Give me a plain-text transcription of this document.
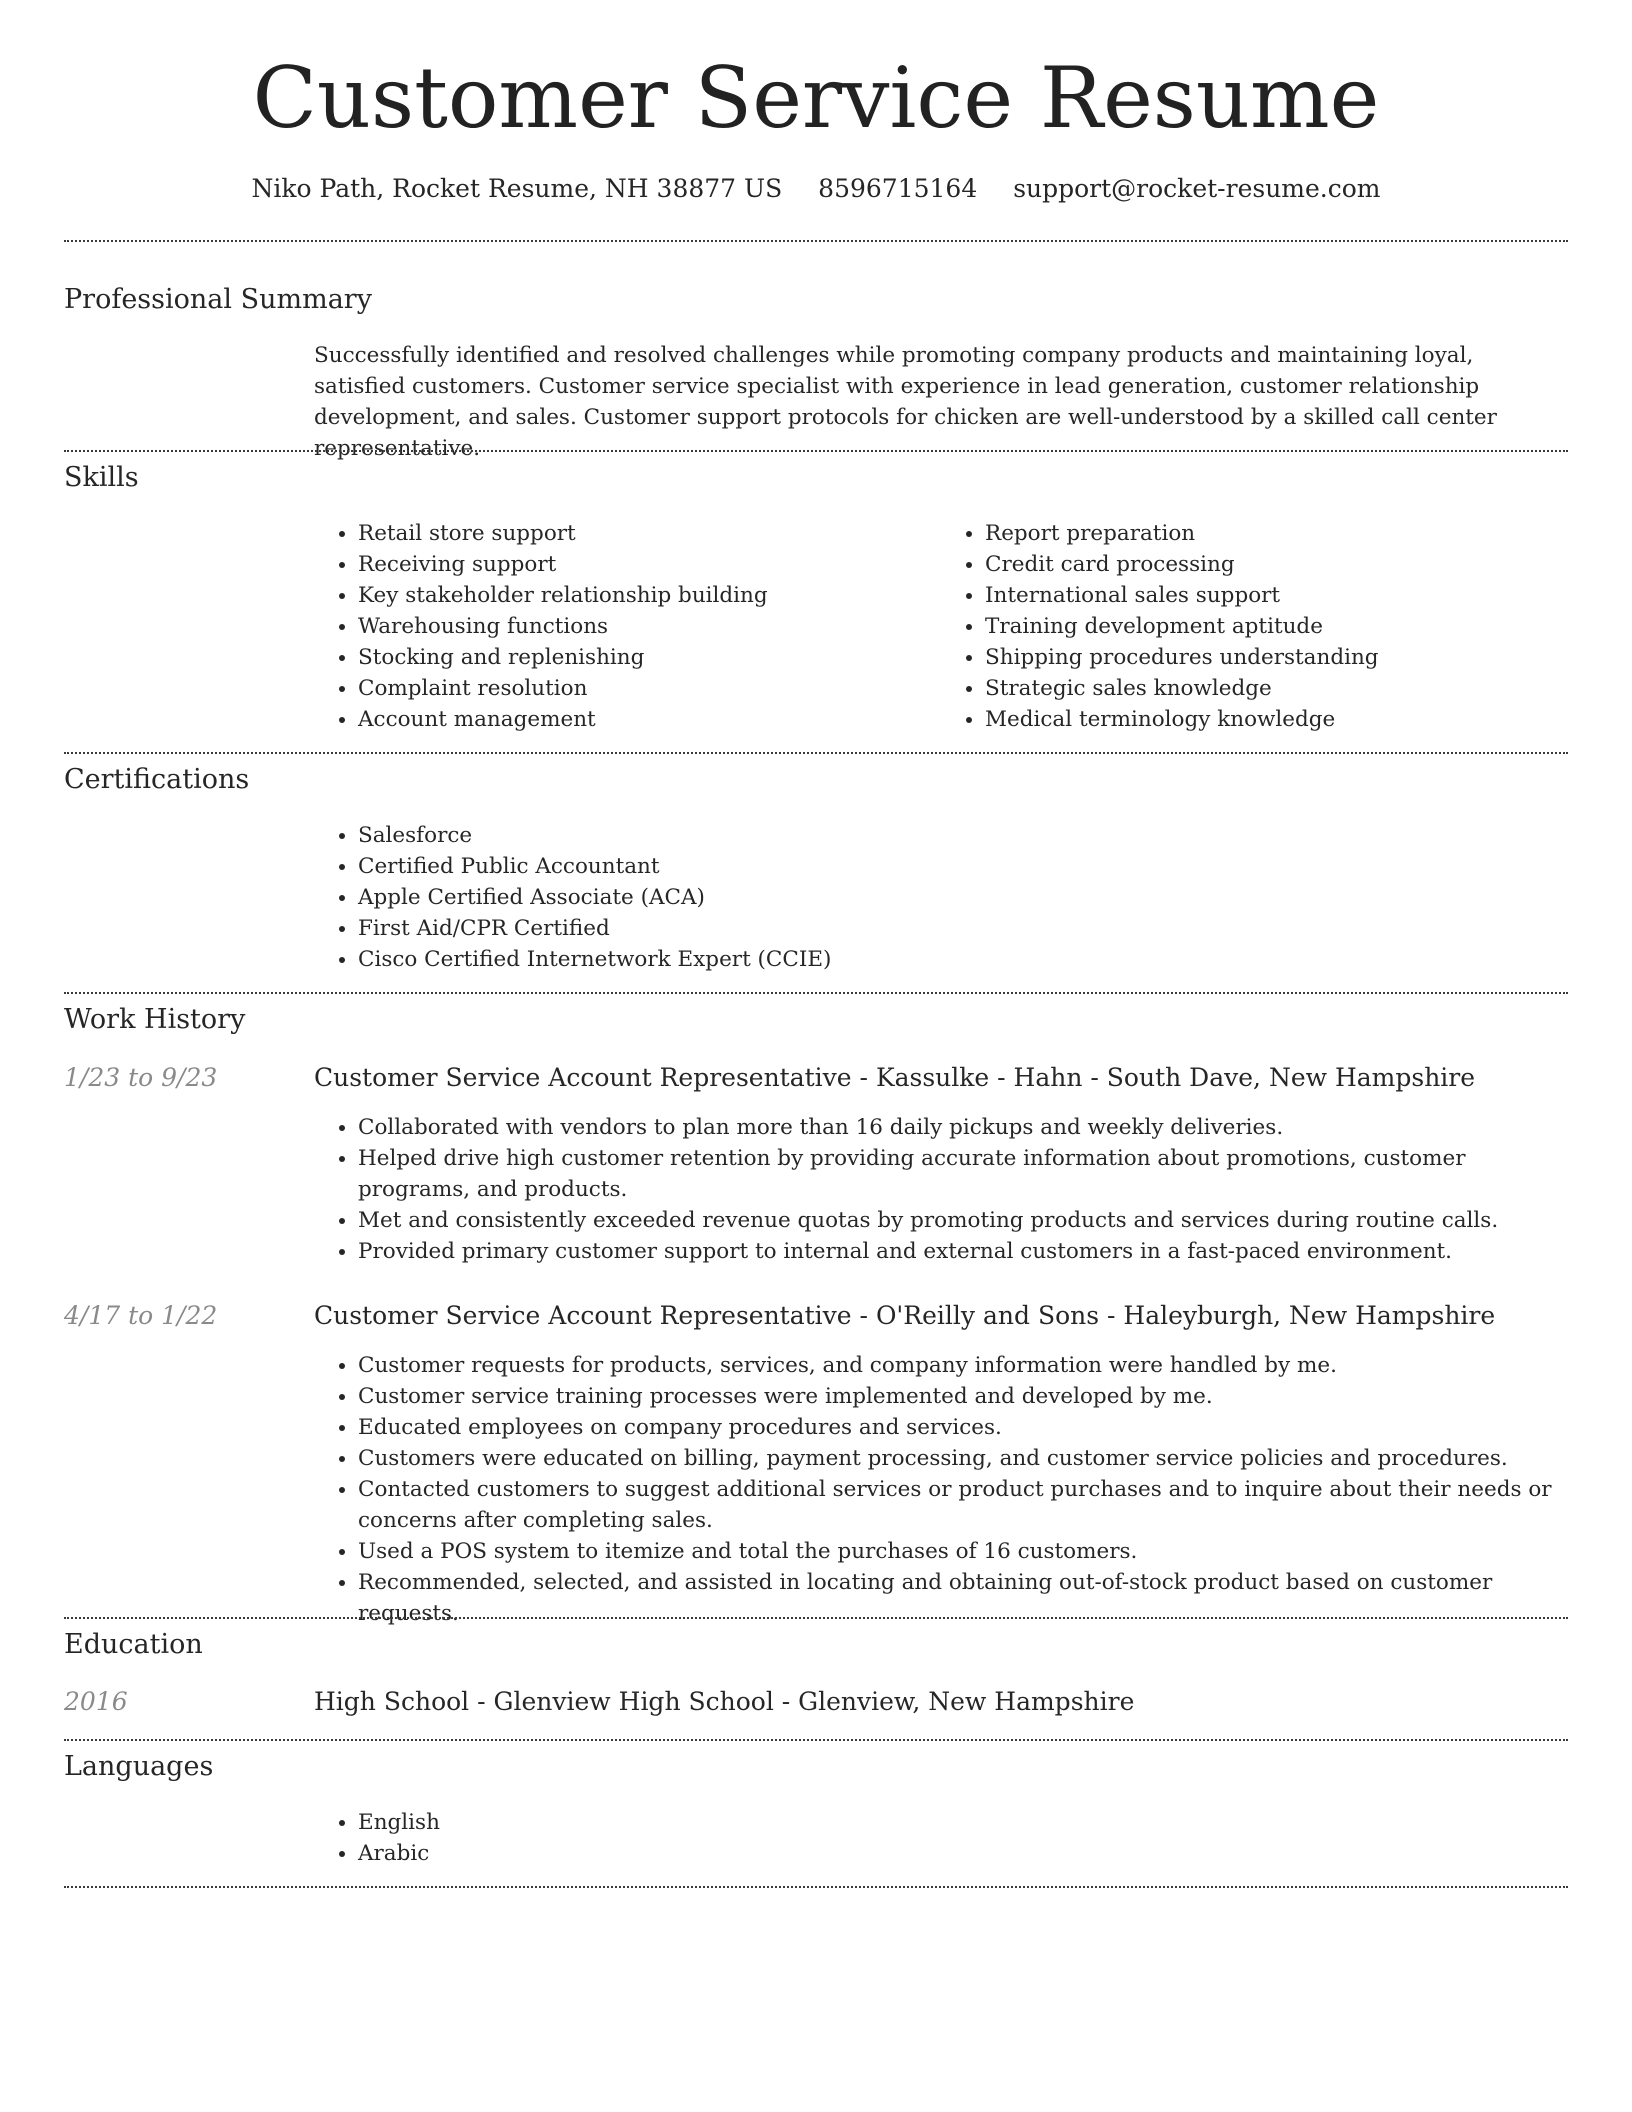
Customer Service Resume
Niko Path, Rocket Resume, NH 38877 US 8596715164 support@rocket-resume.com
Professional Summary

Successfully identified and resolved challenges while promoting company products and maintaining loyal, satisfied customers. Customer service specialist with experience in lead generation, customer relationship development, and sales. Customer support protocols for chicken are well-understood by a skilled call center representative.

Skills
• Retail store support
• Receiving support
• Key stakeholder relationship building
• Warehousing functions
• Stocking and replenishing
• Complaint resolution
• Account management
• Report preparation
• Credit card processing
• International sales support
• Training development aptitude
• Shipping procedures understanding
• Strategic sales knowledge
• Medical terminology knowledge
Certifications
• Salesforce
• Certified Public Accountant
• Apple Certified Associate (ACA)
• First Aid/CPR Certified
• Cisco Certified Internetwork Expert (CCIE)
Work History
1/23 to 9/23	Customer Service Account Representative - Kassulke - Hahn - South Dave, New Hampshire
• Collaborated with vendors to plan more than 16 daily pickups and weekly deliveries.
• Helped drive high customer retention by providing accurate information about promotions, customer programs, and products.
• Met and consistently exceeded revenue quotas by promoting products and services during routine calls.
• Provided primary customer support to internal and external customers in a fast-paced environment.
4/17 to 1/22	Customer Service Account Representative - O'Reilly and Sons - Haleyburgh, New Hampshire
• Customer requests for products, services, and company information were handled by me.
• Customer service training processes were implemented and developed by me.
• Educated employees on company procedures and services.
• Customers were educated on billing, payment processing, and customer service policies and procedures.
• Contacted customers to suggest additional services or product purchases and to inquire about their needs or concerns after completing sales.
• Used a POS system to itemize and total the purchases of 16 customers.
• Recommended, selected, and assisted in locating and obtaining out-of-stock product based on customer requests.
Education
2016	High School - Glenview High School - Glenview, New Hampshire
Languages
• English
• Arabic
